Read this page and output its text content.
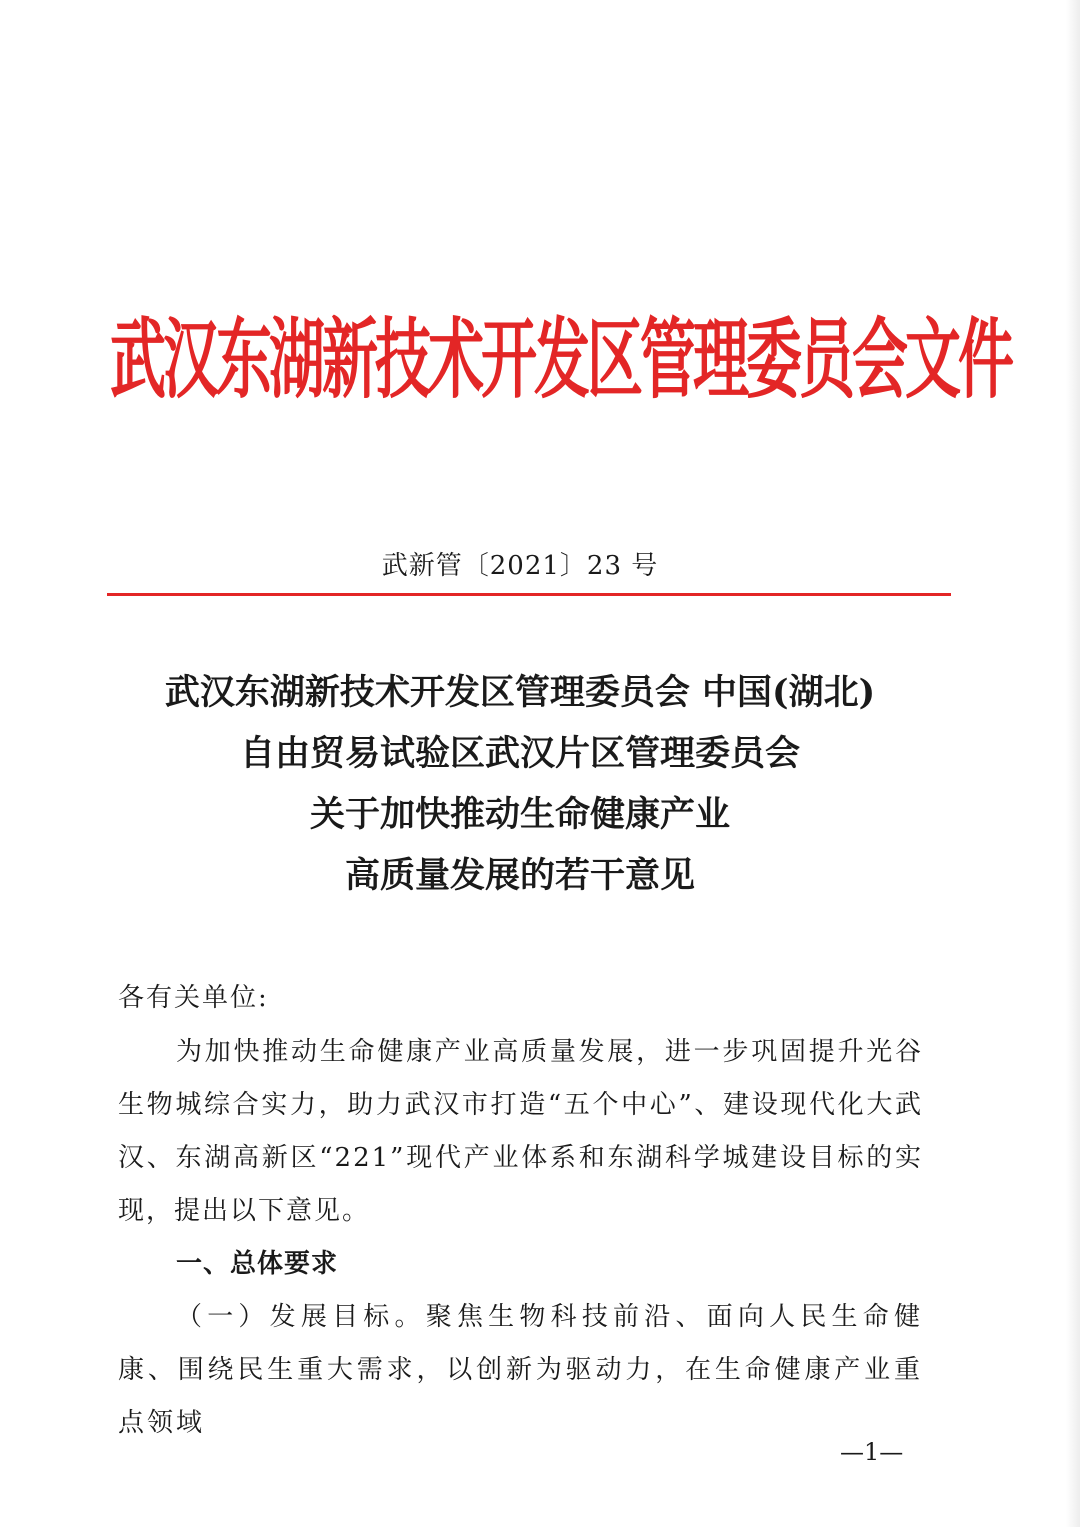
武汉东湖新技术开发区管理委员会文件
武新管〔2021〕23 号
武汉东湖新技术开发区管理委员会 中国(湖北)
自由贸易试验区武汉片区管理委员会
关于加快推动生命健康产业
高质量发展的若干意见
各有关单位:
为加快推动生命健康产业高质量发展，进一步巩固提升光谷生物城综合实力，助力武汉市打造“五个中心”、建设现代化大武汉、东湖高新区“221”现代产业体系和东湖科学城建设目标的实现，提出以下意见。
一、总体要求
（一）发展目标。聚焦生物科技前沿、面向人民生命健康、围绕民生重大需求，以创新为驱动力，在生命健康产业重点领域
—1—
